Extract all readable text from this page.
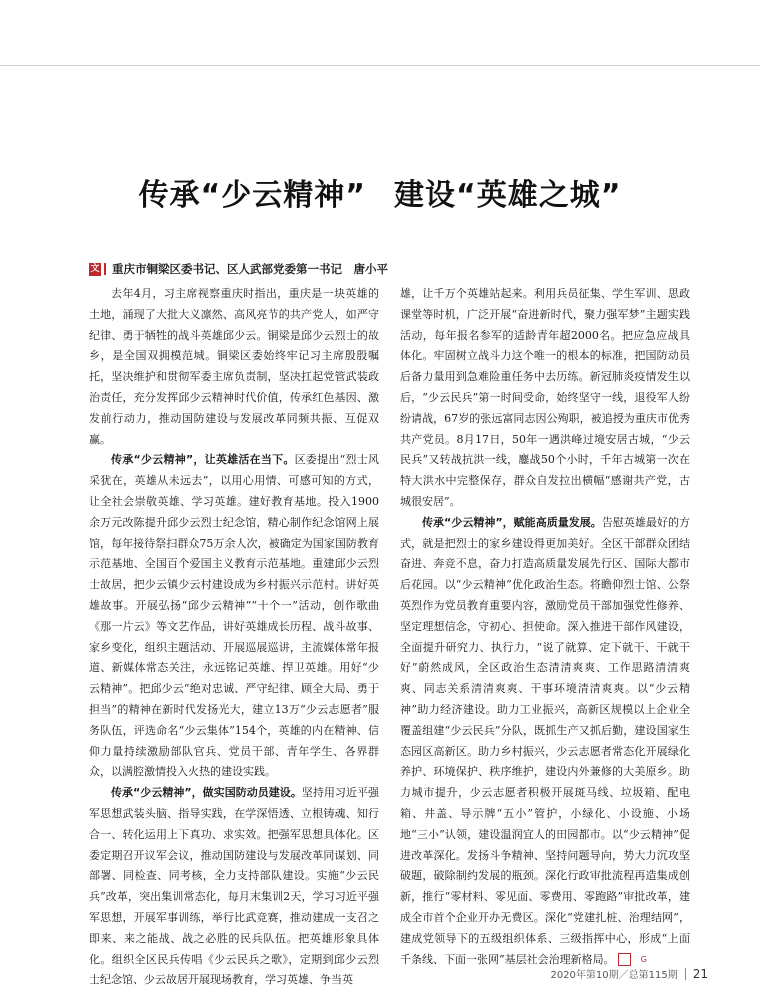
传承“少云精神” 建设“英雄之城”
文 重庆市铜梁区委书记、区人武部党委第一书记　唐小平

去年4月，习主席视察重庆时指出，重庆是一块英雄的土地，涌现了大批大义凛然、高风亮节的共产党人，如严守纪律、勇于牺牲的战斗英雄邱少云。铜梁是邱少云烈士的故乡，是全国双拥模范城。铜梁区委始终牢记习主席殷殷嘱托，坚决维护和贯彻军委主席负责制，坚决扛起党管武装政治责任，充分发挥邱少云精神时代价值，传承红色基因、激发前行动力，推动国防建设与发展改革同频共振、互促双赢。

传承“少云精神”，让英雄活在当下。区委提出“烈士风采犹在，英雄从未远去”，以用心用情、可感可知的方式，让全社会崇敬英雄、学习英雄。建好教育基地。投入1900余万元改陈提升邱少云烈士纪念馆，精心制作纪念馆网上展馆，每年接待祭扫群众75万余人次，被确定为国家国防教育示范基地、全国百个爱国主义教育示范基地。重建邱少云烈士故居，把少云镇少云村建设成为乡村振兴示范村。讲好英雄故事。开展弘扬“邱少云精神”“十个一”活动，创作歌曲《那一片云》等文艺作品，讲好英雄成长历程、战斗故事、家乡变化，组织主题活动、开展巡展巡讲，主流媒体常年报道、新媒体常态关注，永远铭记英雄、捍卫英雄。用好“少云精神”。把邱少云“绝对忠诚、严守纪律、顾全大局、勇于担当”的精神在新时代发扬光大，建立13万“少云志愿者”服务队伍，评选命名“少云集体”154个，英雄的内在精神、信仰力量持续激励部队官兵、党员干部、青年学生、各界群众，以满腔激情投入火热的建设实践。

传承“少云精神”，做实国防动员建设。坚持用习近平强军思想武装头脑、指导实践，在学深悟透、立根铸魂、知行合一、转化运用上下真功、求实效。把强军思想具体化。区委定期召开议军会议，推动国防建设与发展改革同谋划、同部署、同检查、同考核，全力支持部队建设。实施“少云民兵”改革，突出集训常态化，每月末集训2天，学习习近平强军思想，开展军事训练，举行比武竞赛，推动建成一支召之即来、来之能战、战之必胜的民兵队伍。把英雄形象具体化。组织全区民兵传唱《少云民兵之歌》，定期到邱少云烈士纪念馆、少云故居开展现场教育，学习英雄、争当英

雄，让千万个英雄站起来。利用兵员征集、学生军训、思政课堂等时机，广泛开展“奋进新时代，聚力强军梦”主题实践活动，每年报名参军的适龄青年超2000名。把应急应战具体化。牢固树立战斗力这个唯一的根本的标准，把国防动员后备力量用到急难险重任务中去历练。新冠肺炎疫情发生以后，“少云民兵”第一时间受命，始终坚守一线，退役军人纷纷请战，67岁的张远富同志因公殉职，被追授为重庆市优秀共产党员。8月17日，50年一遇洪峰过境安居古城，“少云民兵”又转战抗洪一线，鏖战50个小时，千年古城第一次在特大洪水中完整保存，群众自发拉出横幅“感谢共产党，古城很安居”。

传承“少云精神”，赋能高质量发展。告慰英雄最好的方式，就是把烈士的家乡建设得更加美好。全区干部群众团结奋进、奔竞不息，奋力打造高质量发展先行区、国际大都市后花园。以“少云精神”优化政治生态。将瞻仰烈士馆、公祭英烈作为党员教育重要内容，激励党员干部加强党性修养、坚定理想信念，守初心、担使命。深入推进干部作风建设，全面提升研究力、执行力，“说了就算、定下就干、干就干好”蔚然成风，全区政治生态清清爽爽、工作思路清清爽爽、同志关系清清爽爽、干事环境清清爽爽。以“少云精神”助力经济建设。助力工业振兴，高新区规模以上企业全覆盖组建“少云民兵”分队，既抓生产又抓后勤，建设国家生态园区高新区。助力乡村振兴，少云志愿者常态化开展绿化养护、环境保护、秩序维护，建设内外兼修的大美原乡。助力城市提升，少云志愿者积极开展斑马线、垃圾箱、配电箱、井盖、导示牌“五小”管护，小绿化、小设施、小场地“三小”认领，建设温润宜人的田园都市。以“少云精神”促进改革深化。发扬斗争精神、坚持问题导向，势大力沉攻坚破题，破除制约发展的瓶颈。深化行政审批流程再造集成创新，推行“零材料、零见面、零费用、零跑路”审批改革，建成全市首个企业开办无费区。深化“党建扎桩、治理结网”，建成党领导下的五级组织体系、三级指挥中心，形成“上面千条线、下面一张网”基层社会治理新格局。	G

2020年第10期／总第115期 21
